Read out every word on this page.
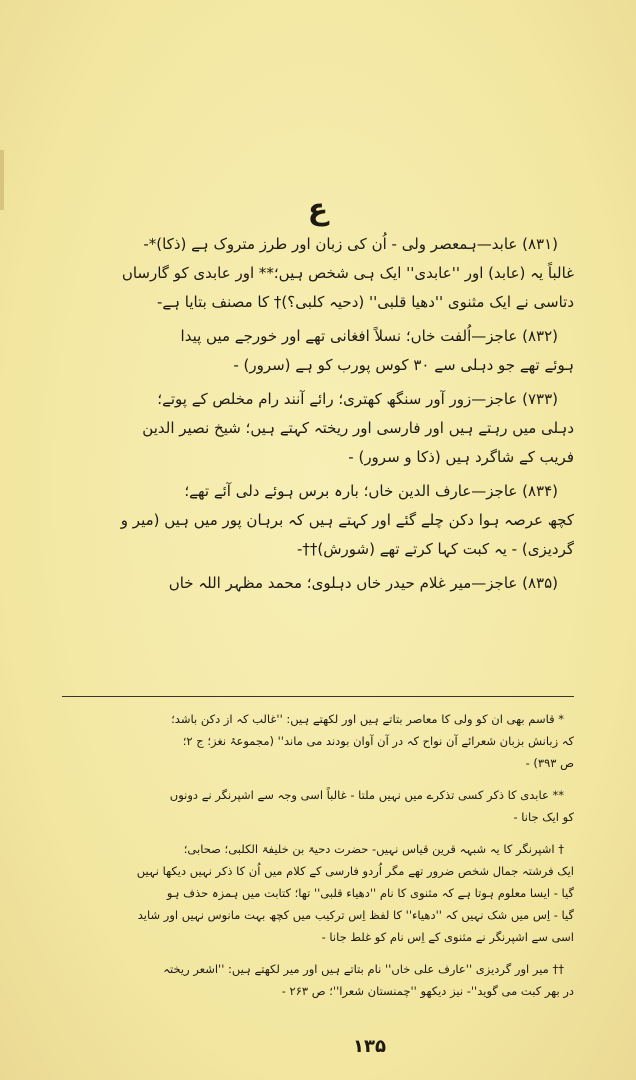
ع
(۸۳۱) عابد—ہمعصر ولی - اُن کی زبان اور طرز متروک ہے (ذکا)*-
غالباً یہ (عابد) اور ''عابدی'' ایک ہی شخص ہیں؛** اور عابدی کو گارساں
دتاسی نے ایک مثنوی ''دھیا قلبی'' (دحیہ کلبی؟)† کا مصنف بتایا ہے-
(۸۳۲) عاجز—اُلفت خاں؛ نسلاً افغانی تھے اور خورجے میں پیدا
ہوئے تھے جو دہلی سے ۳۰ کوس پورب کو ہے (سرور) -
(۷۳۳) عاجز—زور آور سنگھ کھتری؛ رائے آنند رام مخلص کے پوتے؛
دہلی میں رہتے ہیں اور فارسی اور ریختہ کہتے ہیں؛ شیخ نصیر الدین
فریب کے شاگرد ہیں (ذکا و سرور) -
(۸۳۴) عاجز—عارف الدین خاں؛ بارہ برس ہوئے دلی آئے تھے؛
کچھ عرصہ ہوا دکن چلے گئے اور کہتے ہیں کہ برہان پور میں ہیں (میر و
گردیزی) - یہ کبت کہا کرتے تھے (شورش)††-
(۸۳۵) عاجز—میر غلام حیدر خاں دہلوی؛ محمد مظہر اللہ خاں
* قاسم بھی ان کو ولی کا معاصر بتاتے ہیں اور لکھتے ہیں: ''غالب کہ از دکن باشد؛
کہ زبانش بزبان شعرائے آن نواح کہ در آن آوان بودند می ماند'' (مجموعۂ نغز؛ ج ۲؛
ص ۳۹۳) -
** عابدی کا ذکر کسی تذکرے میں نہیں ملتا - غالباً اسی وجہ سے اشپرنگر نے دونوں
کو ایک جانا -
† اشپرنگر کا یہ شبہہ قرین قیاس نہیں- حضرت دحیۃ بن خلیفۃ الکلبی؛ صحابی؛
ایک فرشتہ جمال شخص ضرور تھے مگر اُردو فارسی کے کلام میں اُن کا ذکر نہیں دیکھا نہیں
گیا - ایسا معلوم ہوتا ہے کہ مثنوی کا نام ''دھیاء قلبی'' تھا؛ کتابت میں ہمزہ حذف ہو
گیا - اِس میں شک نہیں کہ ''دھیاء'' کا لفظ اِس ترکیب میں کچھ بہت مانوس نہیں اور شاید
اسی سے اشپرنگر نے مثنوی کے اِس نام کو غلط جانا -
†† میر اور گردیزی ''عارف علی خاں'' نام بتاتے ہیں اور میر لکھتے ہیں: ''اشعر ریختہ
در بھر کبت می گوید''- نیز دیکھو ''چمنستان شعرا''؛ ص ۲۶۳ -
۱۳۵
